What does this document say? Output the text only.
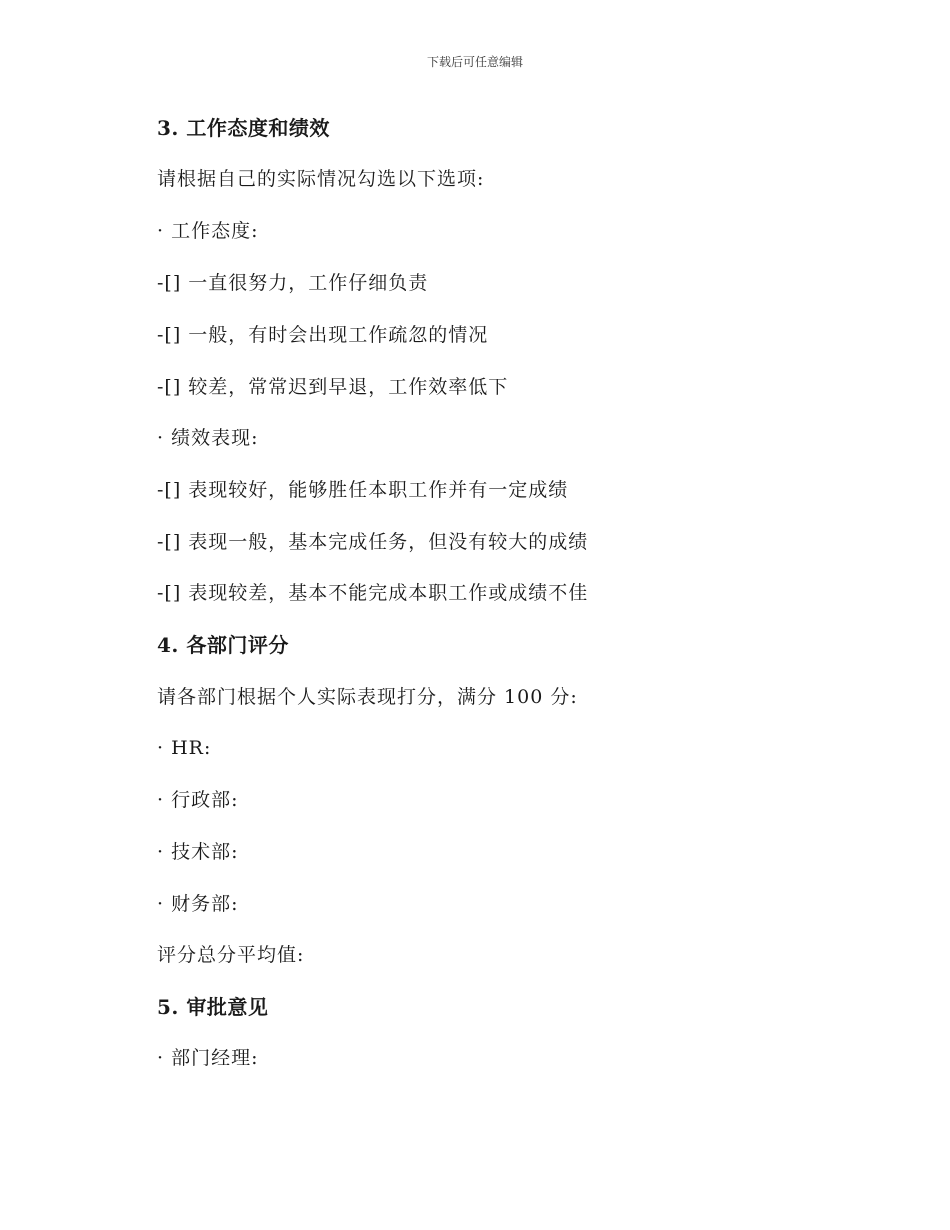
下载后可任意编辑
3. 工作态度和绩效
请根据自己的实际情况勾选以下选项:
· 工作态度:
-[] 一直很努力，工作仔细负责
-[] 一般，有时会出现工作疏忽的情况
-[] 较差，常常迟到早退，工作效率低下
· 绩效表现:
-[] 表现较好，能够胜任本职工作并有一定成绩
-[] 表现一般，基本完成任务，但没有较大的成绩
-[] 表现较差，基本不能完成本职工作或成绩不佳
4. 各部门评分
请各部门根据个人实际表现打分，满分 100 分:
· HR:
· 行政部:
· 技术部:
· 财务部:
评分总分平均值:
5. 审批意见
· 部门经理:
